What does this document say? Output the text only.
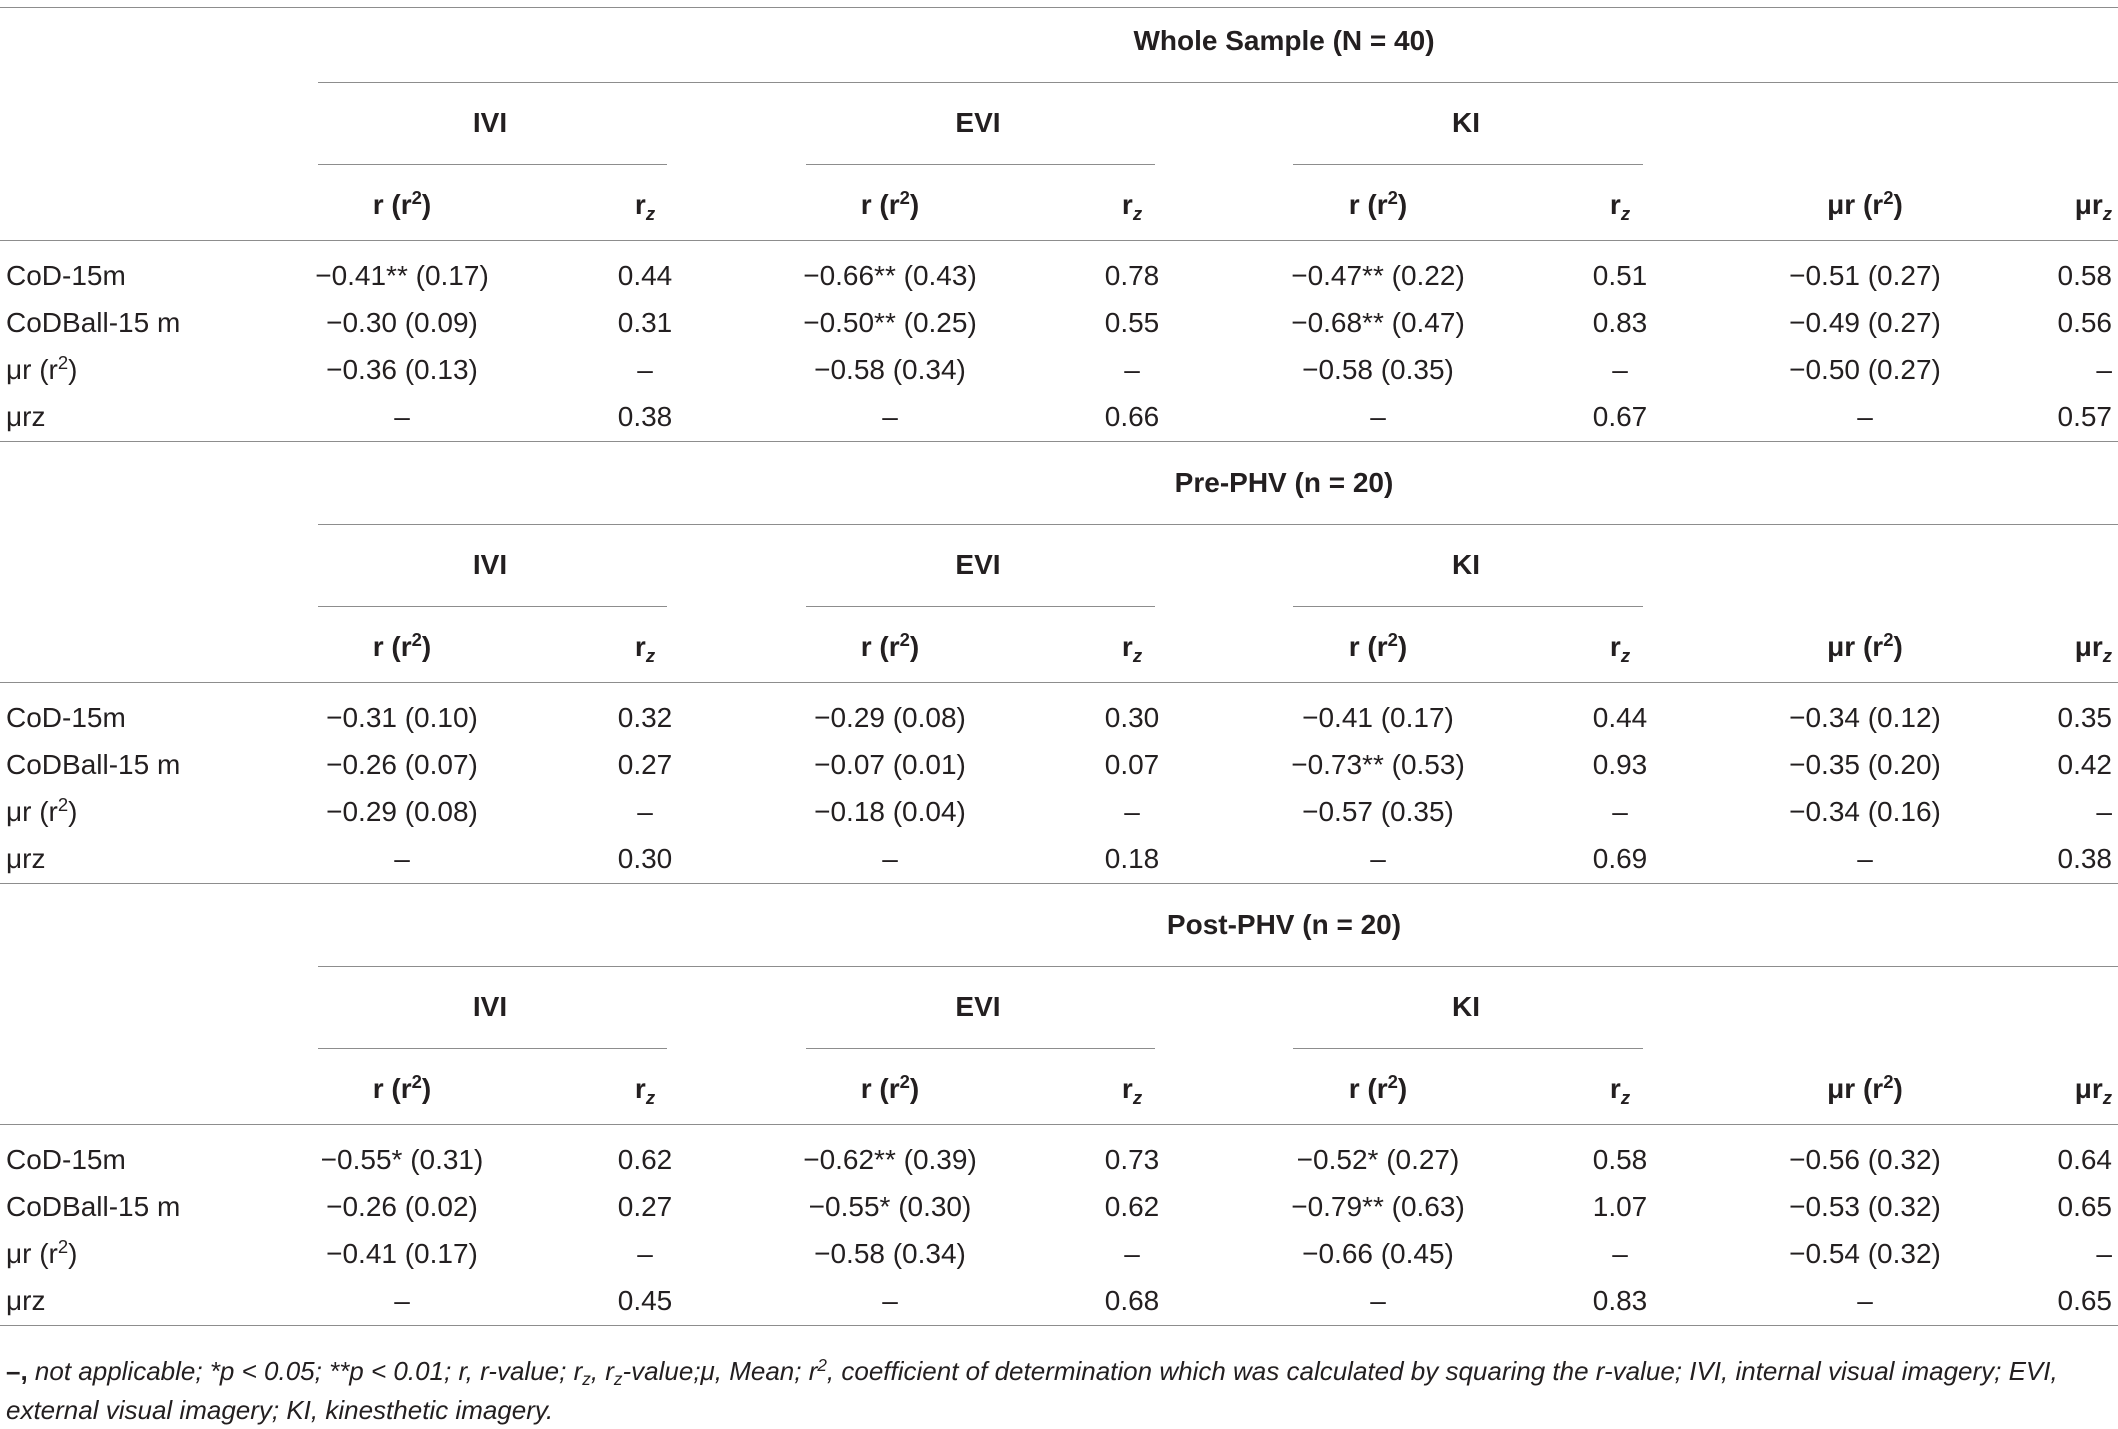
Whole Sample (N = 40)
IVI	EVI	KI
r $(r^2)$	$r_z$	r $(r^2)$	$r_z$	r $(r^2)$	$r_z$	μr $(r^2)$	$\mu r_z$
CoD-15m	−0.41** (0.17)	0.44	−0.66** (0.43)	0.78	−0.47** (0.22)	0.51	−0.51 (0.27)	0.58
CoDBall-15 m	−0.30 (0.09)	0.31	−0.50** (0.25)	0.55	−0.68** (0.47)	0.83	−0.49 (0.27)	0.56
μr $(r^2)$	−0.36 (0.13)	–	−0.58 (0.34)	–	−0.58 (0.35)	–	−0.50 (0.27)	–
μrz	–	0.38	–	0.66	–	0.67	–	0.57
Pre-PHV (n = 20)
IVI	EVI	KI
r $(r^2)$	$r_z$	r $(r^2)$	$r_z$	r $(r^2)$	$r_z$	μr $(r^2)$	$\mu r_z$
CoD-15m	−0.31 (0.10)	0.32	−0.29 (0.08)	0.30	−0.41 (0.17)	0.44	−0.34 (0.12)	0.35
CoDBall-15 m	−0.26 (0.07)	0.27	−0.07 (0.01)	0.07	−0.73** (0.53)	0.93	−0.35 (0.20)	0.42
μr $(r^2)$	−0.29 (0.08)	–	−0.18 (0.04)	–	−0.57 (0.35)	–	−0.34 (0.16)	–
μrz	–	0.30	–	0.18	–	0.69	–	0.38
Post-PHV (n = 20)
IVI	EVI	KI
r $(r^2)$	$r_z$	r $(r^2)$	$r_z$	r $(r^2)$	$r_z$	μr $(r^2)$	$\mu r_z$
CoD-15m	−0.55* (0.31)	0.62	−0.62** (0.39)	0.73	−0.52* (0.27)	0.58	−0.56 (0.32)	0.64
CoDBall-15 m	−0.26 (0.02)	0.27	−0.55* (0.30)	0.62	−0.79** (0.63)	1.07	−0.53 (0.32)	0.65
μr $(r^2)$	−0.41 (0.17)	–	−0.58 (0.34)	–	−0.66 (0.45)	–	−0.54 (0.32)	–
μrz	–	0.45	–	0.68	–	0.83	–	0.65
–, not applicable; *p < 0.05; **p < 0.01; r, r-value; $r_z$, $r_z-value;\mu$, Mean; $r^2$, coefficient of determination which was calculated by squaring the r-value; IVI, internal visual imagery; EVI, external visual imagery; KI, kinesthetic imagery.
